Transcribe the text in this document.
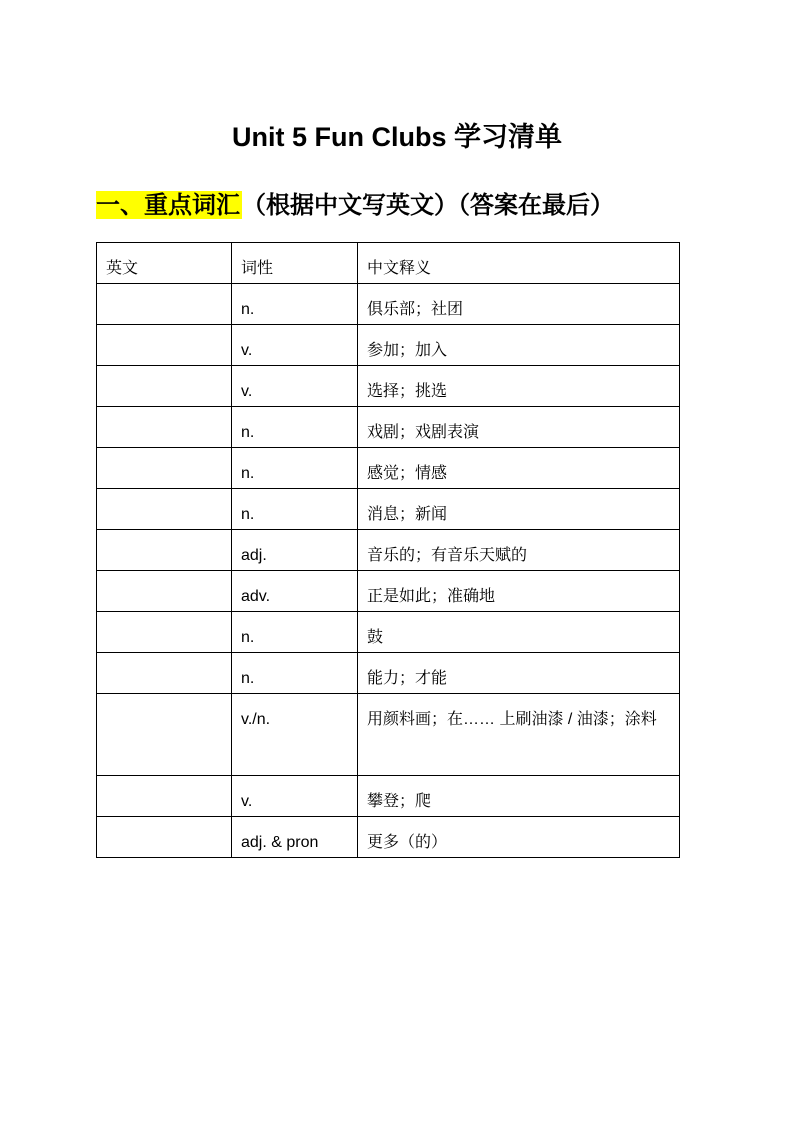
Unit 5 Fun Clubs 学习清单
一、重点词汇（根据中文写英文）（答案在最后）
英文	词性	中文释义
	n.	俱乐部；社团
	v.	参加；加入
	v.	选择；挑选
	n.	戏剧；戏剧表演
	n.	感觉；情感
	n.	消息；新闻
	adj.	音乐的；有音乐天赋的
	adv.	正是如此；准确地
	n.	鼓
	n.	能力；才能
	v./n.	用颜料画；在…… 上刷油漆 / 油漆；涂料
	v.	攀登；爬
	adj. & pron	更多（的）
